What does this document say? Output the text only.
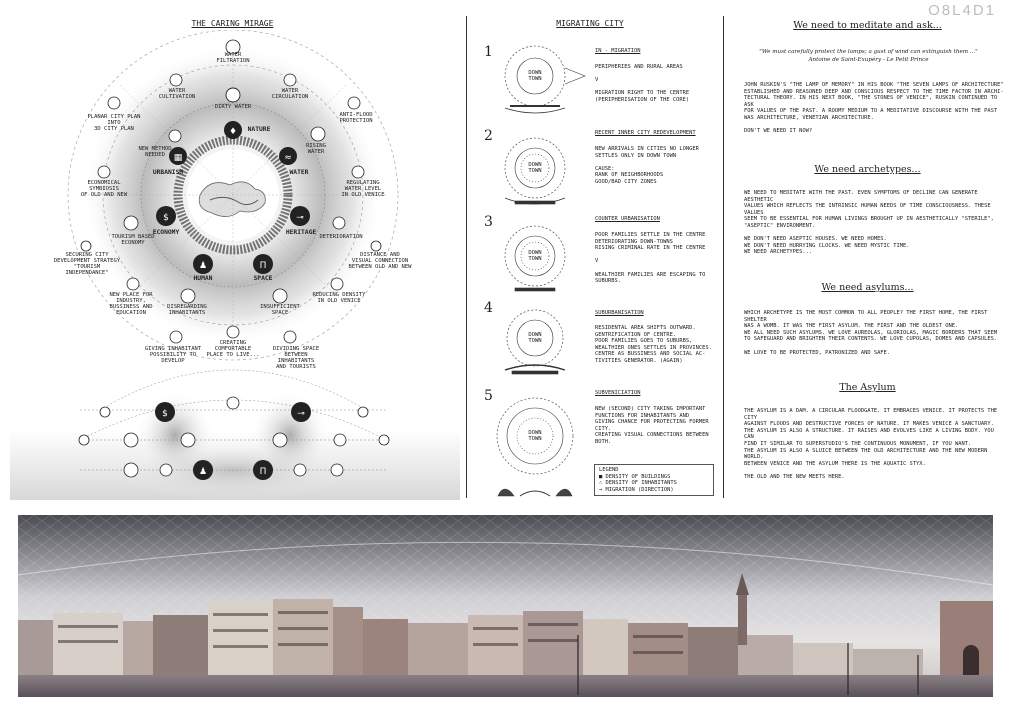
O8L4D1
THE CARING MIRAGE
♦
▦	≈
$	⊸
♟	Π
$	⊸
♟	Π
WATER
FILTRATION
WATER
CULTIVATION
WATER
CIRCULATION
DIRTY WATER
NATURE
NEW METHOD
NEEDED
RISING
WATER
ANTI-FLOOD
PROTECTION
URBANISM	WATER
PLANAR CITY PLAN INTO
3D CITY PLAN
ECONOMICAL SYMBIOSIS
OF OLD AND NEW
REGULATING
WATER LEVEL
IN OLD VENICE
TOURISM BASED
ECONOMY
ECONOMY	HERITAGE
DETERIORATION
SECURING CITY
DEVELOPMENT STRATEGY
"TOURISM INDEPENDANCE"
DISTANCE AND
VISUAL CONNECTION
BETWEEN OLD AND NEW
HUMAN	SPACE
NEW PLACE FOR INDUSTRY,
BUSSINESS AND EDUCATION
REDUCING DENSITY
IN OLD VENICE
DISREGARDING
INHABITANTS
INSUFFICIENT
SPACE
CREATING COMFORTABLE
PLACE TO LIVE...
GIVING INHABITANT
POSSIBILITY TO DEVELOP
DIVIDING SPACE
BETWEEN INHABITANTS
AND TOURISTS
MIGRATING CITY
DOWN
TOWN
DOWN
TOWN
DOWN
TOWN
DOWN
TOWN
DOWN
TOWN
1
2
3
4
5
IN - MIGRATION
PERIPHERIES AND RURAL AREAS

V

MIGRATION RIGHT TO THE CENTRE
(PERIPHERISATION OF THE CORE)
RECENT INNER CITY REDEVELOPMENT
NEW ARRIVALS IN CITIES NO LONGER
SETTLES ONLY IN DOWN TOWN

CAUSE:
RANK OF NEIGHBORHOODS
GOOD/BAD CITY ZONES
COUNTER URBANISATION
POOR FAMILIES SETTLE IN THE CENTRE
DETERIORATING DOWN-TOWNS
RISING CRIMINAL RATE IN THE CENTRE

V

WEALTHIER FAMILIES ARE ESCAPING TO
SUBURBS.
SUBURBANISATION
RESIDENTAL AREA SHIFTS OUTWARD.
GENTRIFICATION OF CENTRE.
POOR FAMILIES GOES TO SUBURBS,
WEALTHIER ONES SETTLES IN PROVINCES.
CENTRE AS BUSSINESS AND SOCIAL AC-
TIVITIES GENERATOR. (AGAIN)
SUBVENICIATION
NEW (SECOND) CITY TAKING IMPORTANT
FUNCTIONS FOR INHABITANTS AND
GIVING CHANCE FOR PROTECTING FORMER
CITY.
CREATING VISUAL CONNECTIONS BETWEEN
BOTH.
LEGEND
■ DENSITY OF BUILDINGS
∴ DENSITY OF INHABITANTS
→ MIGRATION (DIRECTION)
We need to meditate and ask...
"We must carefully protect the lamps; a gust of wind can extinguish them ..."
Antoine de Saint-Exupéry - Le Petit Prince
JOHN RUSKIN'S "THE LAMP OF MEMORY" IN HIS BOOK "THE SEVEN LAMPS OF ARCHITECTURE"
ESTABLISHED AND REASONED DEEP AND CONSCIOUS RESPECT TO THE TIME FACTOR IN ARCHI-
TECTURAL THEORY. IN HIS NEXT BOOK, "THE STONES OF VENICE", RUSKIN CONTINUED TO ASK
FOR VALUES OF THE PAST. A ROOMY MEDIUM TO A MEDITATIVE DISCOURSE WITH THE PAST
WAS ARCHITECTURE, VENETIAN ARCHITECTURE.

DON'T WE NEED IT NOW?
We need archetypes...
WE NEED TO MEDITATE WITH THE PAST. EVEN SYMPTOMS OF DECLINE CAN GENERATE AESTHETIC
VALUES WHICH REFLECTS THE INTRINSIC HUMAN NEEDS OF TIME CONSCIOUSNESS. THESE VALUES
SEEM TO BE ESSENTIAL FOR HUMAN LIVINGS BROUGHT UP IN AESTHETICALLY "STERILE",
"ASEPTIC" ENVIRONMENT.

WE DON'T NEED ASEPTIC HOUSES. WE NEED HOMES.
WE DON'T NEED HURRYING CLOCKS. WE NEED MYSTIC TIME.
WE NEED ARCHETYPES...
We need asylums...
WHICH ARCHETYPE IS THE MOST COMMON TO ALL PEOPLE? THE FIRST HOME, THE FIRST SHELTER
WAS A WOMB. IT WAS THE FIRST ASYLUM. THE FIRST AND THE OLDEST ONE.
WE ALL NEED SUCH ASYLUMS. WE LOVE AUREOLAS, GLORIOLAS, MAGIC BORDERS THAT SEEM
TO SAFEGUARD AND BRIGHTEN THEIR CONTENTS. WE LOVE CUPOLAS, DOMES AND CAPSULES.

WE LOVE TO BE PROTECTED, PATRONIZED AND SAFE.
The Asylum
THE ASYLUM IS A DAM. A CIRCULAR FLOODGATE. IT EMBRACES VENICE. IT PROTECTS THE CITY
AGAINST FLOODS AND DESTRUCTIVE FORCES OF NATURE. IT MAKES VENICE A SANCTUARY.
THE ASYLUM IS ALSO A STRUCTURE. IT RAISES AND EVOLVES LIKE A LIVING BODY. YOU CAN
FIND IT SIMILAR TO SUPERSTUDIO'S THE CONTINUOUS MONUMENT, IF YOU WANT.
THE ASYLUM IS ALSO A SLUICE BETWEEN THE OLD ARCHITECTURE AND THE NEW MODERN WORLD.
BETWEEN VENICE AND THE ASYLUM THERE IS THE AQUATIC STYX.

THE OLD AND THE NEW MEETS HERE.
